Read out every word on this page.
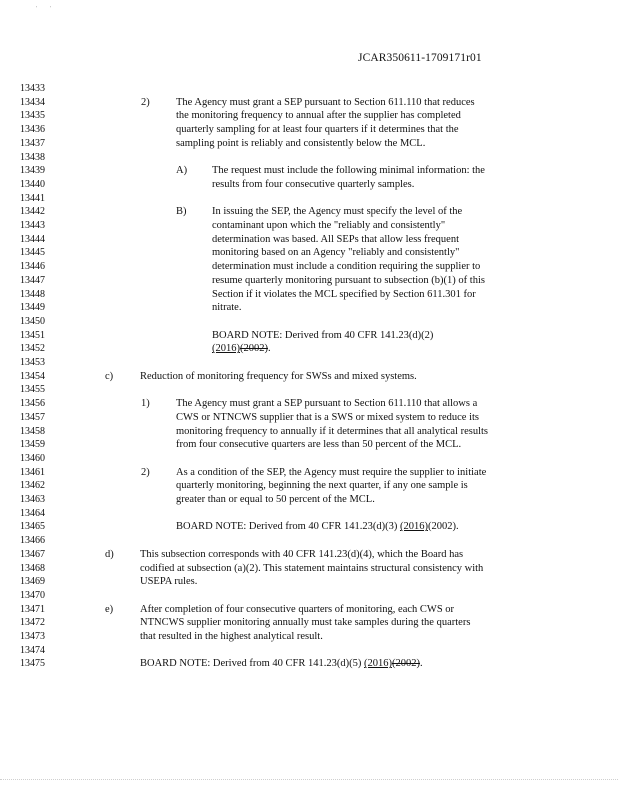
' '
JCAR350611-1709171r01
13433
13434
13435
13436
13437
13438
13439
13440
13441
13442
13443
13444
13445
13446
13447
13448
13449
13450
13451
13452
13453
13454
13455
13456
13457
13458
13459
13460
13461
13462
13463
13464
13465
13466
13467
13468
13469
13470
13471
13472
13473
13474
13475
2)	The Agency must grant a SEP pursuant to Section 611.110 that reduces
the monitoring frequency to annual after the supplier has completed
quarterly sampling for at least four quarters if it determines that the
sampling point is reliably and consistently below the MCL.
A) The request must include the following minimal information: the
results from four consecutive quarterly samples.
B) In issuing the SEP, the Agency must specify the level of the
contaminant upon which the "reliably and consistently"
determination was based. All SEPs that allow less frequent
monitoring based on an Agency "reliably and consistently"
determination must include a condition requiring the supplier to
resume quarterly monitoring pursuant to subsection (b)(1) of this
Section if it violates the MCL specified by Section 611.301 for
nitrate.
BOARD NOTE: Derived from 40 CFR 141.23(d)(2)
(2016)(2002).
c)	Reduction of monitoring frequency for SWSs and mixed systems.
1)	The Agency must grant a SEP pursuant to Section 611.110 that allows a
CWS or NTNCWS supplier that is a SWS or mixed system to reduce its
monitoring frequency to annually if it determines that all analytical results
from four consecutive quarters are less than 50 percent of the MCL.
2)	As a condition of the SEP, the Agency must require the supplier to initiate
quarterly monitoring, beginning the next quarter, if any one sample is
greater than or equal to 50 percent of the MCL.
BOARD NOTE: Derived from 40 CFR 141.23(d)(3) (2016)(2002).
d)	This subsection corresponds with 40 CFR 141.23(d)(4), which the Board has
codified at subsection (a)(2). This statement maintains structural consistency with
USEPA rules.
e)	After completion of four consecutive quarters of monitoring, each CWS or
NTNCWS supplier monitoring annually must take samples during the quarters
that resulted in the highest analytical result.
BOARD NOTE: Derived from 40 CFR 141.23(d)(5) (2016)(2002).
